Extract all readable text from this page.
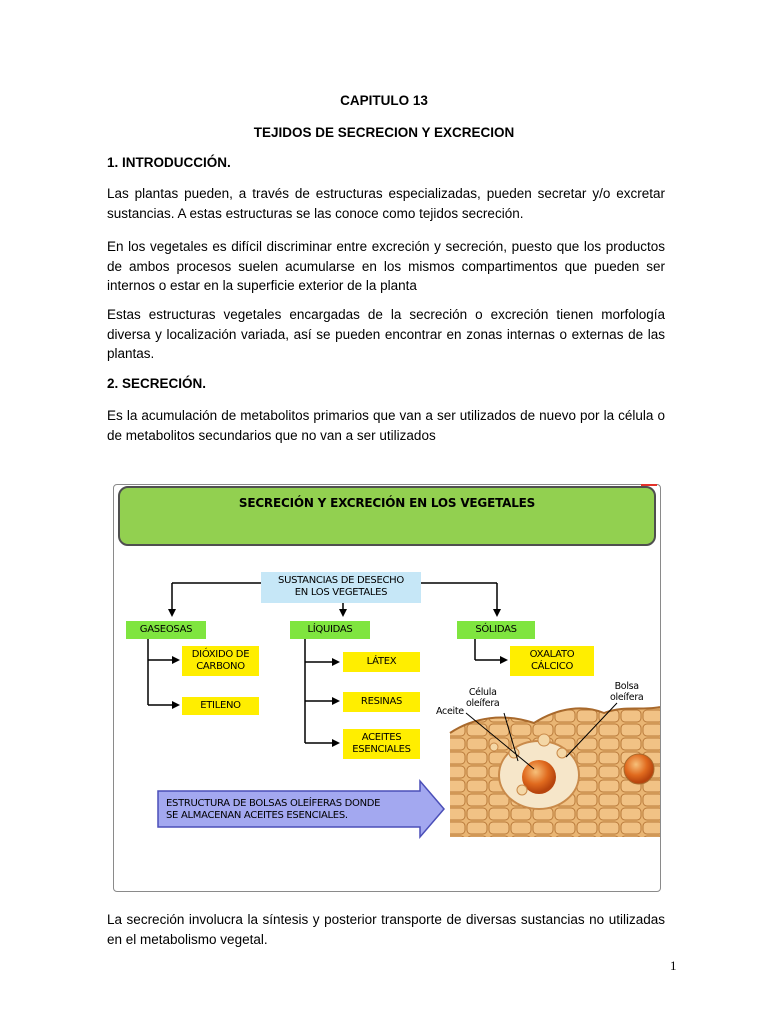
CAPITULO 13
TEJIDOS DE SECRECION Y EXCRECION
1. INTRODUCCIÓN.

Las plantas pueden, a través de estructuras especializadas, pueden secretar y/o excretar sustancias. A estas estructuras se las conoce como tejidos secreción.

En los vegetales es difícil discriminar entre excreción y secreción, puesto que los productos de ambos procesos suelen acumularse en los mismos compartimentos que pueden ser internos o estar en la superficie exterior de la planta

Estas estructuras vegetales encargadas de la secreción o excreción tienen morfología diversa y localización variada, así se pueden encontrar en zonas internas o externas de las plantas.

2. SECRECIÓN.

Es la acumulación de metabolitos primarios que van a ser utilizados de nuevo por la célula o de metabolitos secundarios que no van a ser utilizados

SECRECIÓN Y EXCRECIÓN EN LOS VEGETALES
SUSTANCIAS DE DESECHO
EN LOS VEGETALES
GASEOSAS	LÍQUIDAS	SÓLIDAS
DIÓXIDO DE
CARBONO
ETILENO
LÁTEX
RESINAS
ACEITES
ESENCIALES
OXALATO
CÁLCICO
Célula
oleífera
Aceite
Bolsa
oleífera
ESTRUCTURA DE BOLSAS OLEÍFERAS DONDE
SE ALMACENAN ACEITES ESENCIALES.

La secreción involucra la síntesis y posterior transporte de diversas sustancias no utilizadas en el metabolismo vegetal.

1
